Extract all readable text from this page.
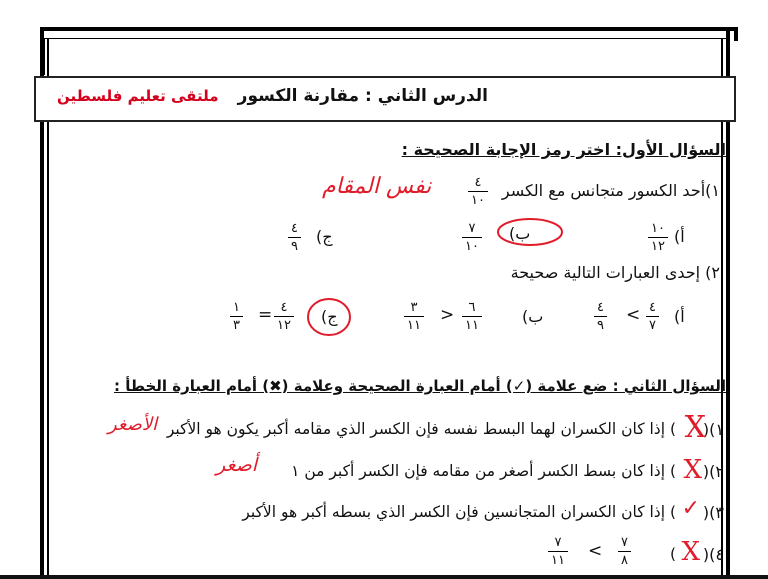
الدرس الثاني : مقارنة الكسور
ملتقى تعليم فلسطين
السؤال الأول: اختر رمز الإجابة الصحيحة :
١)أحد الكسور متجانس مع الكسر
٤
١٠
نفس المقام
أ)
١٠
١٢
ب)
٧
١٠
ج)
٤
٩
٢) إحدى العبارات التالية صحيحة
أ)
٤
٧
>
٤
٩
ب)
٦
١١
<
٣
١١
ج)
٤
١٢
=
١
٣
السؤال الثاني : ضع علامة (✓) أمام العبارة الصحيحة وعلامة (✖) أمام العبارة الخطأ :
١)(
X
) إذا كان الكسران لهما البسط نفسه فإن الكسر الذي مقامه أكبر يكون هو الأكبر
الأصغر
٢)(
X
) إذا كان بسط الكسر أصغر من مقامه فإن الكسر أكبر من ١
أصغر
٣)(
✓
) إذا كان الكسران المتجانسين فإن الكسر الذي بسطه أكبر هو الأكبر
٤)(
X
)
٧
٨
>
٧
١١
